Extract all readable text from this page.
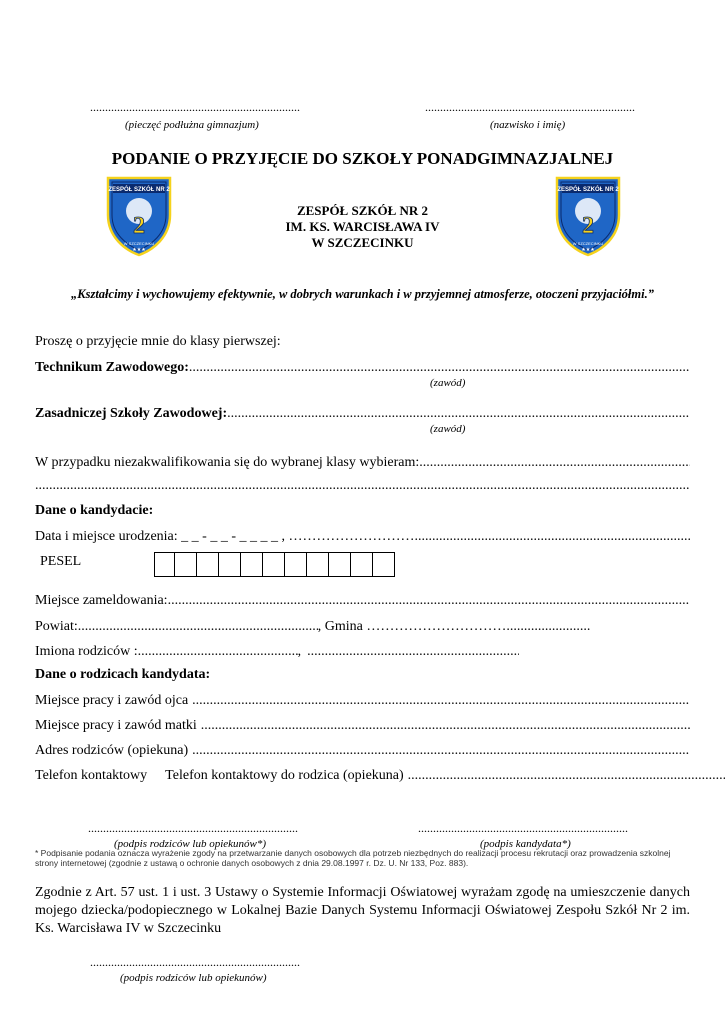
......................................................................
(pieczęć podłużna gimnazjum)
......................................................................
(nazwisko i imię)
PODANIE O PRZYJĘCIE DO SZKOŁY PONADGIMNAZJALNEJ
ZESPÓŁ SZKÓŁ NR 2
2
W SZCZECINKU
★★★
ZESPÓŁ SZKÓŁ NR 2
2
W SZCZECINKU
★★★
ZESPÓŁ SZKÓŁ NR 2
IM. KS. WARCISŁAWA IV
W SZCZECINKU
„Kształcimy i wychowujemy efektywnie, w dobrych warunkach i w przyjemnej atmosferze, otoczeni przyjaciółmi.”
Proszę o przyjęcie mnie do klasy pierwszej:
Technikum Zawodowego:
.....
(zawód)
Zasadniczej Szkoły Zawodowej:
.....
(zawód)
W przypadku niezakwalifikowania się do wybranej klasy wybieram:
.....
.....
Dane o kandydacie:
Data i miejsce urodzenia: _ _ - _ _ - _ _ _ _ , ………………………
.....
PESEL
Miejsce zameldowania:
.....
Powiat: .....	, Gmina …………………………
.....
Imiona rodziców : .....	,
.....
Dane o rodzicach kandydata:
Miejsce pracy i zawód ojca
.....
Miejsce pracy i zawód matki
.....
Adres rodziców (opiekuna)
.....
Telefon kontaktowy Telefon kontaktowy do rodzica (opiekuna)
.....
......................................................................
(podpis rodziców lub opiekunów*)
......................................................................
(podpis kandydata*)
* Podpisanie podania oznacza wyrażenie zgody na przetwarzanie danych osobowych dla potrzeb niezbędnych do realizacji procesu rekrutacji oraz prowadzenia szkolnej strony internetowej (zgodnie z ustawą o ochronie danych osobowych z dnia 29.08.1997 r. Dz. U. Nr 133, Poz. 883).
Zgodnie z Art. 57 ust. 1 i ust. 3 Ustawy o Systemie Informacji Oświatowej wyrażam zgodę na umieszczenie danych mojego dziecka/podopiecznego w Lokalnej Bazie Danych Systemu Informacji Oświatowej Zespołu Szkół Nr 2 im. Ks. Warcisława IV w Szczecinku
......................................................................
(podpis rodziców lub opiekunów)
